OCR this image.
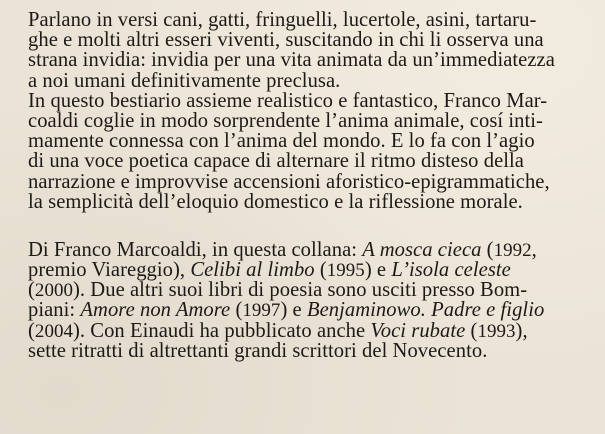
Parlano in versi cani, gatti, fringuelli, lucertole, asini, tartaru-
ghe e molti altri esseri viventi, suscitando in chi li osserva una
strana invidia: invidia per una vita animata da un’immediatezza
a noi umani definitivamente preclusa.
In questo bestiario assieme realistico e fantastico, Franco Mar-
coaldi coglie in modo sorprendente l’anima animale, cosí inti-
mamente connessa con l’anima del mondo. E lo fa con l’agio
di una voce poetica capace di alternare il ritmo disteso della
narrazione e improvvise accensioni aforistico-epigrammatiche,
la semplicità dell’eloquio domestico e la riflessione morale.
Di Franco Marcoaldi, in questa collana: A mosca cieca (1992,
premio Viareggio), Celibi al limbo (1995) e L’isola celeste
(2000). Due altri suoi libri di poesia sono usciti presso Bom-
piani: Amore non Amore (1997) e Benjaminowo. Padre e figlio
(2004). Con Einaudi ha pubblicato anche Voci rubate (1993),
sette ritratti di altrettanti grandi scrittori del Novecento.
